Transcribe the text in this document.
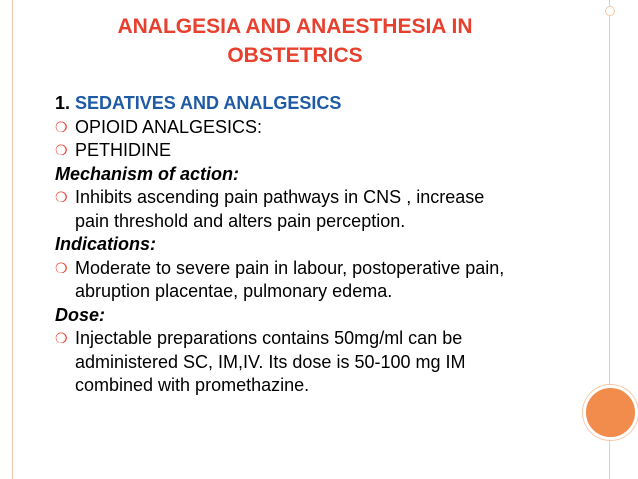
ANALGESIA AND ANAESTHESIA IN
OBSTETRICS
1. SEDATIVES AND ANALGESICS
❍ OPIOID ANALGESICS:
❍ PETHIDINE
Mechanism of action:
❍ Inhibits ascending pain pathways in CNS , increase
pain threshold and alters pain perception.
Indications:
❍ Moderate to severe pain in labour, postoperative pain,
abruption placentae, pulmonary edema.
Dose:
❍ Injectable preparations contains 50mg/ml can be
administered SC, IM,IV. Its dose is 50-100 mg IM
combined with promethazine.
